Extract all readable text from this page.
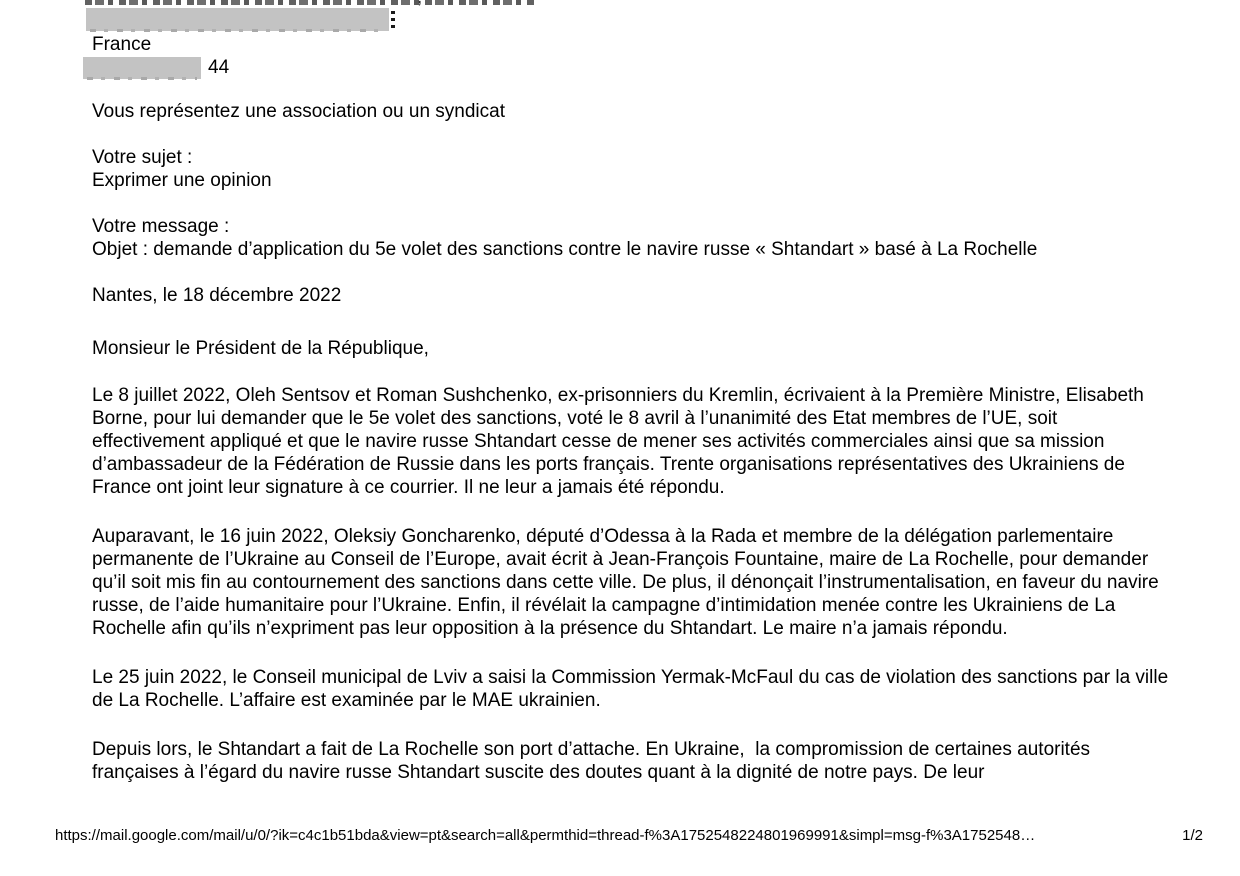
France
44

Vous représentez une association ou un syndicat

Votre sujet :
Exprimer une opinion

Votre message :
Objet : demande d’application du 5e volet des sanctions contre le navire russe « Shtandart » basé à La Rochelle

Nantes, le 18 décembre 2022

Monsieur le Président de la République,

Le 8 juillet 2022, Oleh Sentsov et Roman Sushchenko, ex-prisonniers du Kremlin, écrivaient à la Première Ministre, Elisabeth Borne, pour lui demander que le 5e volet des sanctions, voté le 8 avril à l’unanimité des Etat membres de l’UE, soit effectivement appliqué et que le navire russe Shtandart cesse de mener ses activités commerciales ainsi que sa mission d’ambassadeur de la Fédération de Russie dans les ports français. Trente organisations représentatives des Ukrainiens de France ont joint leur signature à ce courrier. Il ne leur a jamais été répondu.

Auparavant, le 16 juin 2022, Oleksiy Goncharenko, député d’Odessa à la Rada et membre de la délégation parlementaire permanente de l’Ukraine au Conseil de l’Europe, avait écrit à Jean-François Fountaine, maire de La Rochelle, pour demander qu’il soit mis fin au contournement des sanctions dans cette ville. De plus, il dénonçait l’instrumentalisation, en faveur du navire russe, de l’aide humanitaire pour l’Ukraine. Enfin, il révélait la campagne d’intimidation menée contre les Ukrainiens de La Rochelle afin qu’ils n’expriment pas leur opposition à la présence du Shtandart. Le maire n’a jamais répondu.

Le 25 juin 2022, le Conseil municipal de Lviv a saisi la Commission Yermak-McFaul du cas de violation des sanctions par la ville de La Rochelle. L’affaire est examinée par le MAE ukrainien.

Depuis lors, le Shtandart a fait de La Rochelle son port d’attache. En Ukraine,  la compromission de certaines autorités françaises à l’égard du navire russe Shtandart suscite des doutes quant à la dignité de notre pays. De leur

https://mail.google.com/mail/u/0/?ik=c4c1b51bda&view=pt&search=all&permthid=thread-f%3A1752548224801969991&simpl=msg-f%3A1752548…	1/2
